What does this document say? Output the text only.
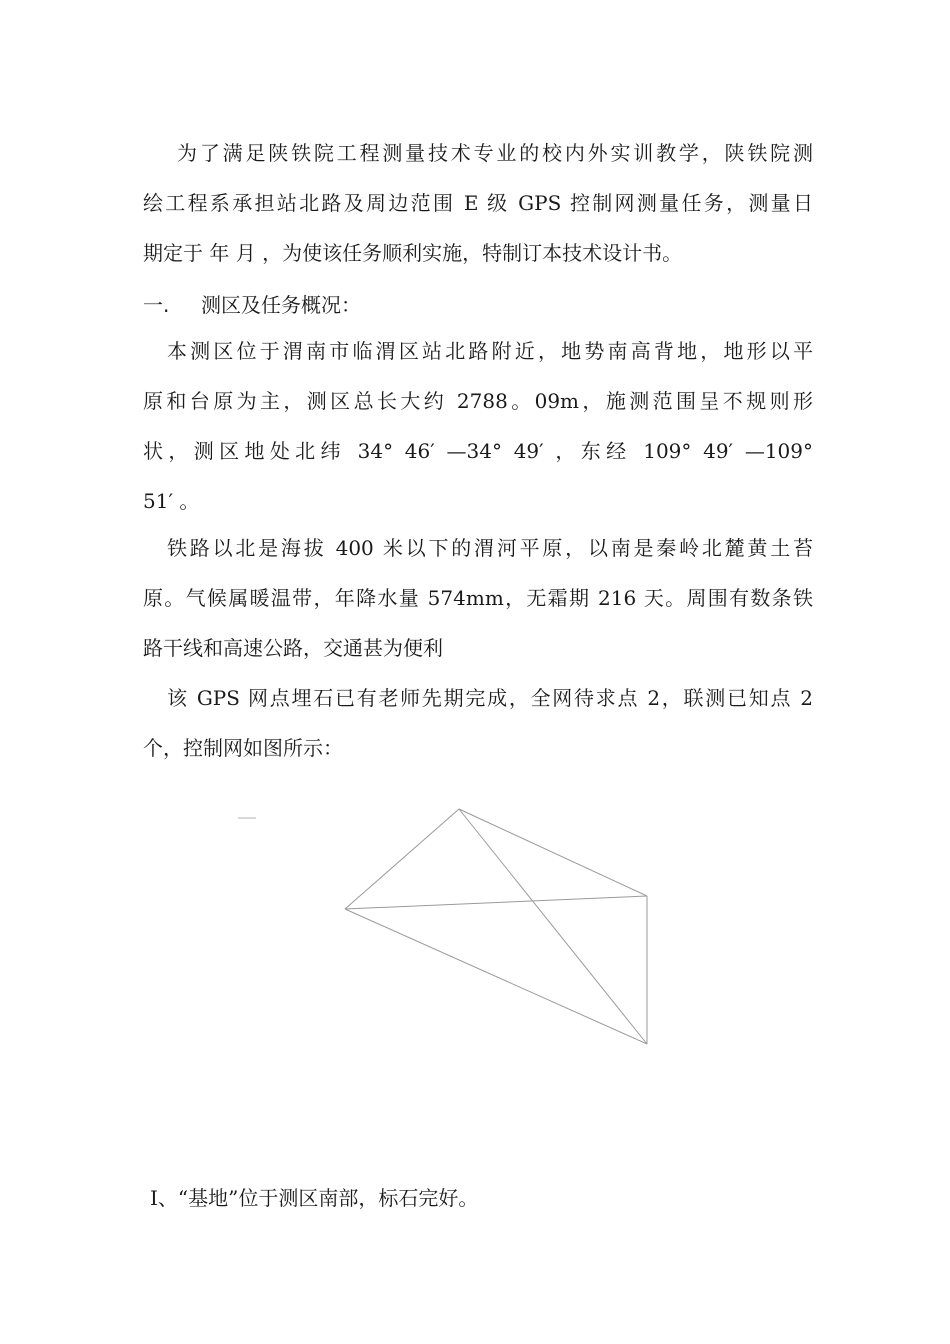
为了满足陕铁院工程测量技术专业的校内外实训教学，陕铁院测
绘工程系承担站北路及周边范围 E 级 GPS 控制网测量任务，测量日
期定于 年 月 ，为使该任务顺利实施，特制订本技术设计书。
一. 测区及任务概况：
本测区位于渭南市临渭区站北路附近，地势南高背地，地形以平
原和台原为主，测区总长大约 2788。09m，施测范围呈不规则形
状，测区地处北纬 34° 46′ —34° 49′ ，东经 109° 49′ —109°
51′ 。
铁路以北是海拔 400 米以下的渭河平原，以南是秦岭北麓黄土苔
原。气候属暖温带，年降水量 574mm，无霜期 216 天。周围有数条铁
路干线和高速公路，交通甚为便利
该 GPS 网点埋石已有老师先期完成，全网待求点 2，联测已知点 2
个，控制网如图所示：
Ⅰ、“基地”位于测区南部，标石完好。
